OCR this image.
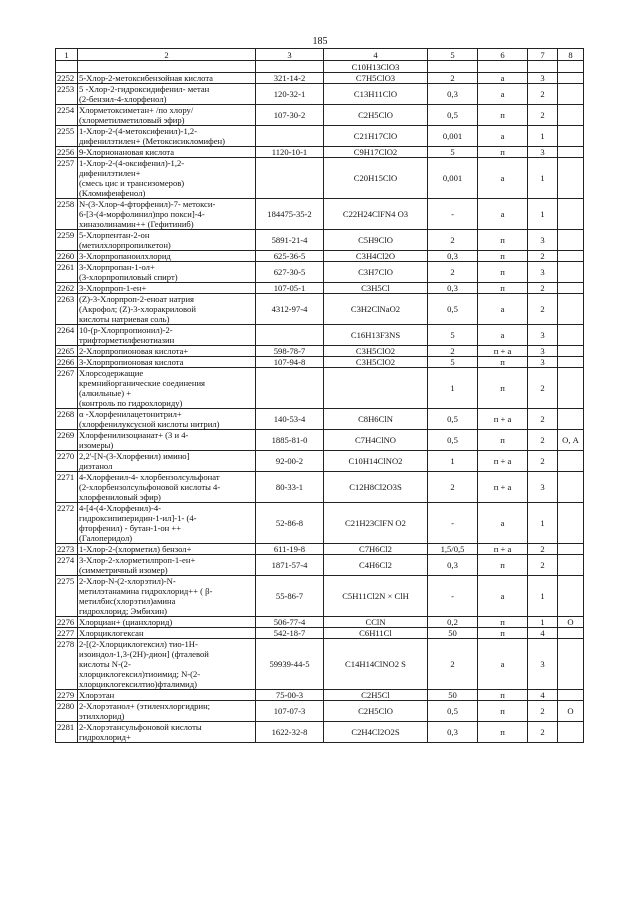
185
1	2	3	4	5	6	7	8
			C10H13ClO3				
2252	5-Хлор-2-метоксибензойная кислота	321-14-2	C7H5ClO3	2	а	3	
2253	5 -Хлор-2-гидроксидифенил- метан
(2-бензил-4-хлорфенол)	120-32-1	C13H11ClO	0,3	а	2	
2254	Хлорметоксиметан+ /по хлору/
(хлорметилметиловый эфир)	107-30-2	C2H5ClO	0,5	п	2	
2255	1-Хлор-2-(4-метоксифенил)-1,2-
дифенилэтилен+ (Метоксисикломифен)		C21H17ClO	0,001	а	1	
2256	9-Хлорнонановая кислота	1120-10-1	C9H17ClO2	5	п	3	
2257	1-Хлор-2-(4-оксифенил)-1,2-
дифенилэтилен+
(смесь цис и трансизомеров)
(Кломифенфенол)		C20H15ClO	0,001	а	1	
2258	N-(3-Хлор-4-фторфенил)-7- метокси-
6-[3-(4-морфолинил)про покси]-4-
хиназолинамин++ (Гефитиниб)	184475-35-2	C22H24ClFN4 O3	-	а	1	
2259	5-Хлорпентан-2-он
(метилхлорпропилкетон)	5891-21-4	C5H9ClO	2	п	3	
2260	3-Хлорпропаноилхлорид	625-36-5	C3H4Cl2O	0,3	п	2	
2261	3-Хлорпропан-1-ол+
(3-хлорпропиловый спирт)	627-30-5	C3H7ClO	2	п	3	
2262	3-Хлорпроп-1-ен+	107-05-1	C3H5Cl	0,3	п	2	
2263	(Z)-3-Хлорпроп-2-еноат натрия
(Акрофол; (Z)-3-хлоракриловой
кислоты натриевая соль)	4312-97-4	C3H2ClNaO2	0,5	а	2	
2264	10-(р-Хлорпропионил)-2-
трифторметилфенотиазин		C16H13F3NS	5	а	3	
2265	2-Хлорпропионовая кислота+	598-78-7	C3H5ClO2	2	п + а	3	
2266	3-Хлорпропионовая кислота	107-94-8	C3H5ClO2	5	п	3	
2267	Хлорсодержащие
кремнийорганические соединения
(алкильные) +
(контроль по гидрохлориду)			1	п	2	
2268	α -Хлорфенилацетонитрил+
(хлорфенилуксусной кислоты нитрил)	140-53-4	C8H6ClN	0,5	п + а	2	
2269	Хлорфенилизоцианат+ (3 и 4-
изомеры)	1885-81-0	C7H4ClNO	0,5	п	2	О, А
2270	2,2'-[N-(3-Хлорфенил) имино]
диэтанол	92-00-2	C10H14ClNO2	1	п + а	2	
2271	4-Хлорфенил-4- хлорбензолсульфонат
(2-хлорбензолсульфоновой кислоты 4-
хлорфениловый эфир)	80-33-1	C12H8Cl2O3S	2	п + а	3	
2272	4-[4-(4-Хлорфенил)-4-
гидроксипиперидин-1-ил]-1- (4-
фторфенил) - бутан-1-он ++
(Галоперидол)	52-86-8	C21H23ClFN O2	-	а	1	
2273	1-Хлор-2-(хлорметил) бензол+	611-19-8	C7H6Cl2	1,5/0,5	п + а	2	
2274	3-Хлор-2-хлорметилпроп-1-ен+
(симметричный изомер)	1871-57-4	C4H6Cl2	0,3	п	2	
2275	2-Хлор-N-(2-хлорэтил)-N-
метилэтанамина гидрохлорид++ ( β-
метилбис(хлорэтил)амина
гидрохлорид; Эмбихин)	55-86-7	C5H11Cl2N × ClH	-	а	1	
2276	Хлорциан+ (цианхлорид)	506-77-4	CClN	0,2	п	1	О
2277	Хлорциклогексан	542-18-7	C6H11Cl	50	п	4	
2278	2-[(2-Хлорциклогексил) тио-1Н-
изоиндол-1,3-(2Н)-дион] (фталевой
кислоты N-(2-
хлорциклогексил)тиоимид; N-(2-
хлорциклогексилтио)фталимид)	59939-44-5	C14H14ClNO2 S	2	а	3	
2279	Хлорэтан	75-00-3	C2H5Cl	50	п	4	
2280	2-Хлорэтанол+ (этиленхлоргидрин;
этилхлорид)	107-07-3	C2H5ClO	0,5	п	2	О
2281	2-Хлорэтансульфоновой кислоты
гидрохлорид+	1622-32-8	C2H4Cl2O2S	0,3	п	2	
